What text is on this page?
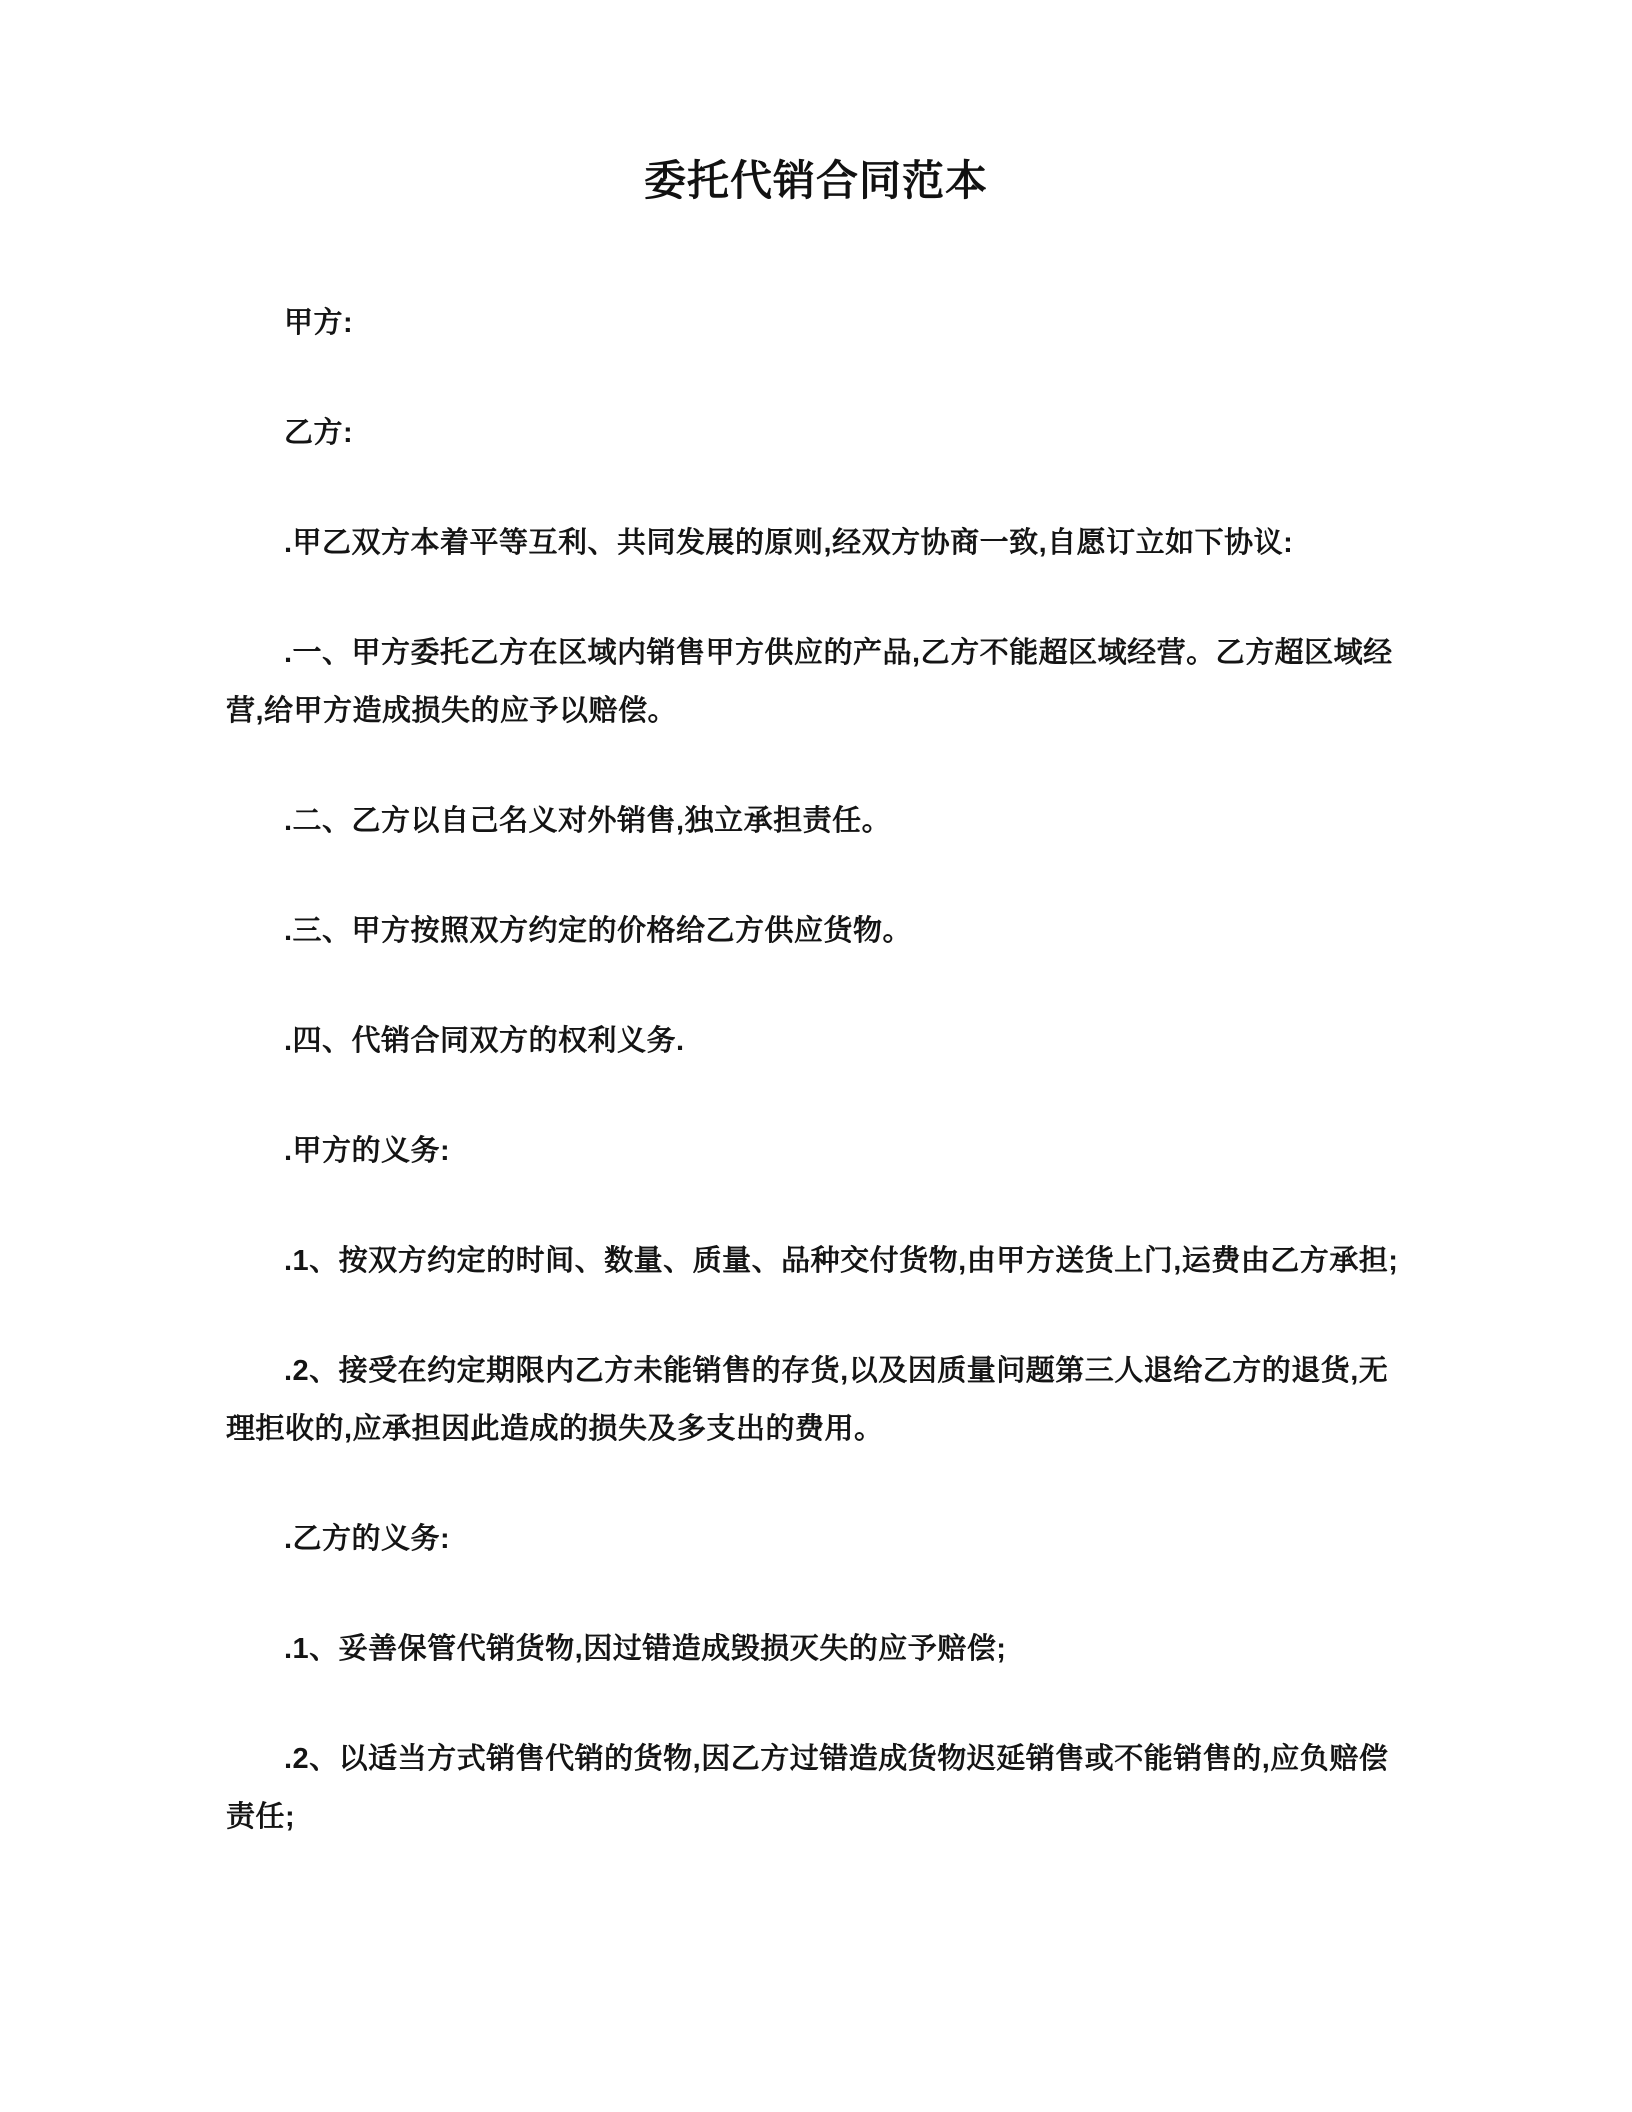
委托代销合同范本

甲方:

乙方:

.甲乙双方本着平等互利、共同发展的原则,经双方协商一致,自愿订立如下协议:

.一、甲方委托乙方在区域内销售甲方供应的产品,乙方不能超区域经营。乙方超区域经营,给甲方造成损失的应予以赔偿。

.二、乙方以自己名义对外销售,独立承担责任。

.三、甲方按照双方约定的价格给乙方供应货物。

.四、代销合同双方的权利义务.

.甲方的义务:

.1、按双方约定的时间、数量、质量、品种交付货物,由甲方送货上门,运费由乙方承担;

.2、接受在约定期限内乙方未能销售的存货,以及因质量问题第三人退给乙方的退货,无理拒收的,应承担因此造成的损失及多支出的费用。

.乙方的义务:

.1、妥善保管代销货物,因过错造成毁损灭失的应予赔偿;

.2、以适当方式销售代销的货物,因乙方过错造成货物迟延销售或不能销售的,应负赔偿责任;
